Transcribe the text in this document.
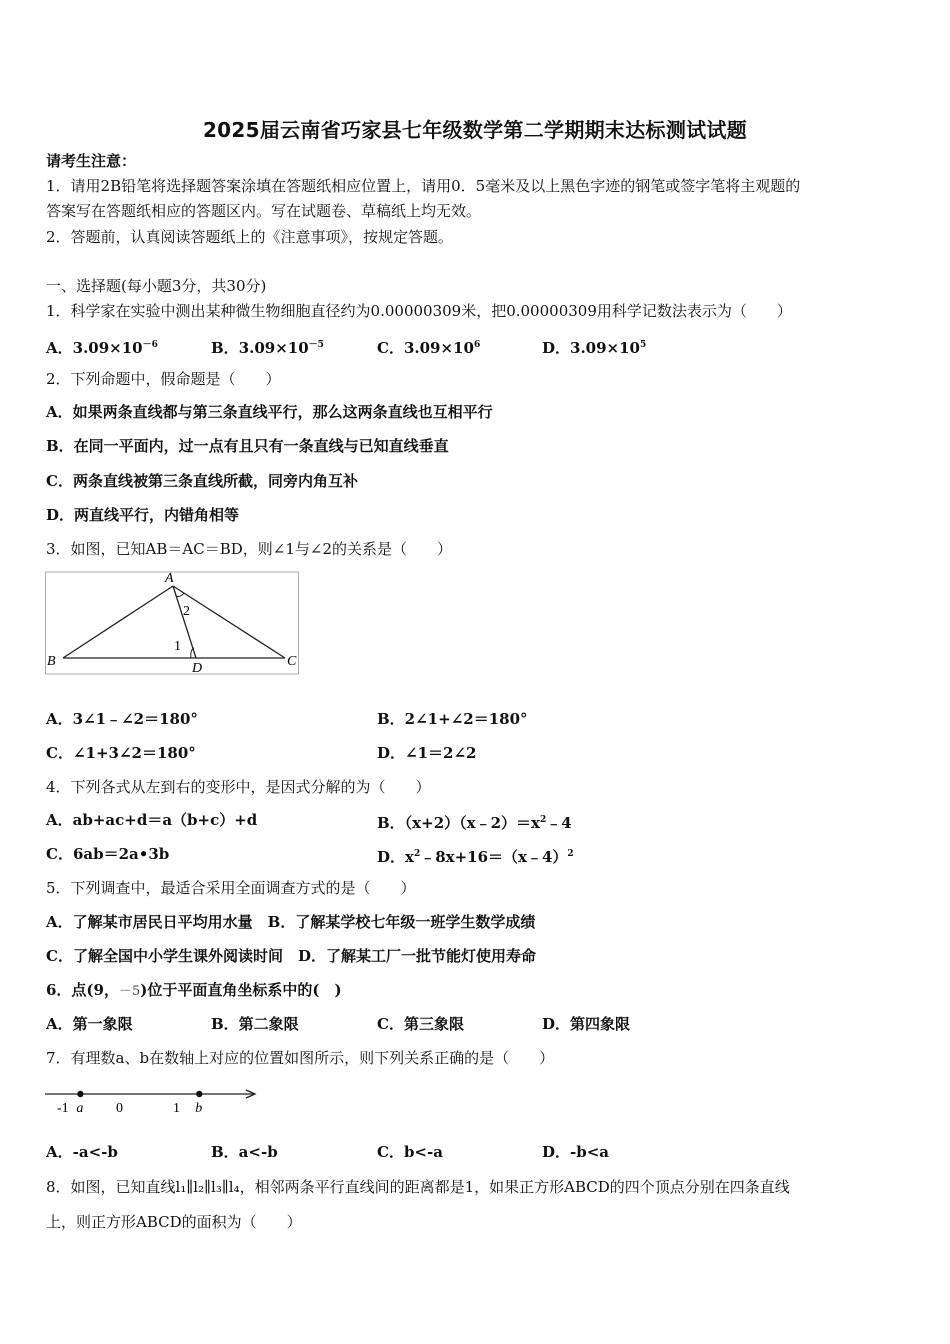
2025届云南省巧家县七年级数学第二学期期末达标测试试题
请考生注意：
1．请用2B铅笔将选择题答案涂填在答题纸相应位置上，请用0．5毫米及以上黑色字迹的钢笔或签字笔将主观题的
答案写在答题纸相应的答题区内。写在试题卷、草稿纸上均无效。
2．答题前，认真阅读答题纸上的《注意事项》，按规定答题。
一、选择题(每小题3分，共30分)
1．科学家在实验中测出某种微生物细胞直径约为0.00000309米，把0.00000309用科学记数法表示为（　　）
A．$3.09\times 10^{-6}$	B．$3.09\times 10^{-5}$	C．$3.09\times 10^6$	D．$3.09\times 10^5$
2．下列命题中，假命题是（　　）
A．如果两条直线都与第三条直线平行，那么这两条直线也互相平行
B．在同一平面内，过一点有且只有一条直线与已知直线垂直
C．两条直线被第三条直线所截，同旁内角互补
D．两直线平行，内错角相等
3．如图，已知AB＝AC＝BD，则∠1与∠2的关系是（　　）
A
B	C
D
2
1
A．3∠1﹣∠2＝180°	B．2∠1+∠2＝180°
C．∠1+3∠2＝180°	D．∠1＝2∠2
4．下列各式从左到右的变形中，是因式分解的为（　　）
A．ab+ac+d＝a（b+c）+d	B．$(x+2)(x﹣2)=x^2﹣4$
C．6ab＝2a•3b	D．$x^2﹣8x+16=(x﹣4)^2$
5．下列调查中，最适合采用全面调查方式的是（　　）
A．了解某市居民日平均用水量　B．了解某学校七年级一班学生数学成绩
C．了解全国中小学生课外阅读时间　D．了解某工厂一批节能灯使用寿命
6．点(9，－5)位于平面直角坐标系中的(　)
A．第一象限	B．第二象限	C．第三象限	D．第四象限
7．有理数a、b在数轴上对应的位置如图所示，则下列关系正确的是（　　）
-1 a 0	1 b
A．-a<-b	B．a<-b	C．b<-a	D．-b<a
8．如图，已知直线l₁∥l₂∥l₃∥l₄，相邻两条平行直线间的距离都是1，如果正方形ABCD的四个顶点分别在四条直线
上，则正方形ABCD的面积为（　　）
